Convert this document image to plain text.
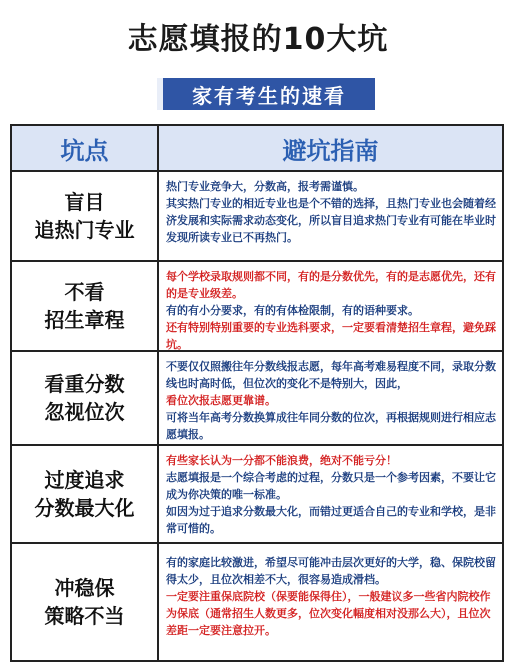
志愿填报的10大坑
家有考生的速看
坑点	避坑指南
盲目
追热门专业
热门专业竞争大，分数高，报考需谨慎。
其实热门专业的相近专业也是个不错的选择，且热门专业也会随着经济发展和实际需求动态变化，所以盲目追求热门专业有可能在毕业时发现所读专业已不再热门。
不看
招生章程
每个学校录取规则都不同，有的是分数优先，有的是志愿优先，还有的是专业级差。
有的有小分要求，有的有体检限制，有的语种要求。
还有特别特别重要的专业选科要求，一定要看清楚招生章程，避免踩坑。
看重分数
忽视位次
不要仅仅照搬往年分数线报志愿，每年高考难易程度不同，录取分数线也时高时低，但位次的变化不是特别大，因此，
看位次报志愿更靠谱。
可将当年高考分数换算成往年同分数的位次，再根据规则进行相应志愿填报。
过度追求
分数最大化
有些家长认为一分都不能浪费，绝对不能亏分！
志愿填报是一个综合考虑的过程，分数只是一个参考因素，不要让它成为你决策的唯一标准。
如因为过于追求分数最大化，而错过更适合自己的专业和学校，是非常可惜的。
冲稳保
策略不当
有的家庭比较激进，希望尽可能冲击层次更好的大学，稳、保院校留得太少，且位次相差不大，很容易造成滑档。
一定要注重保底院校（保要能保得住），一般建议多一些省内院校作为保底（通常招生人数更多，位次变化幅度相对没那么大），且位次差距一定要注意拉开。
